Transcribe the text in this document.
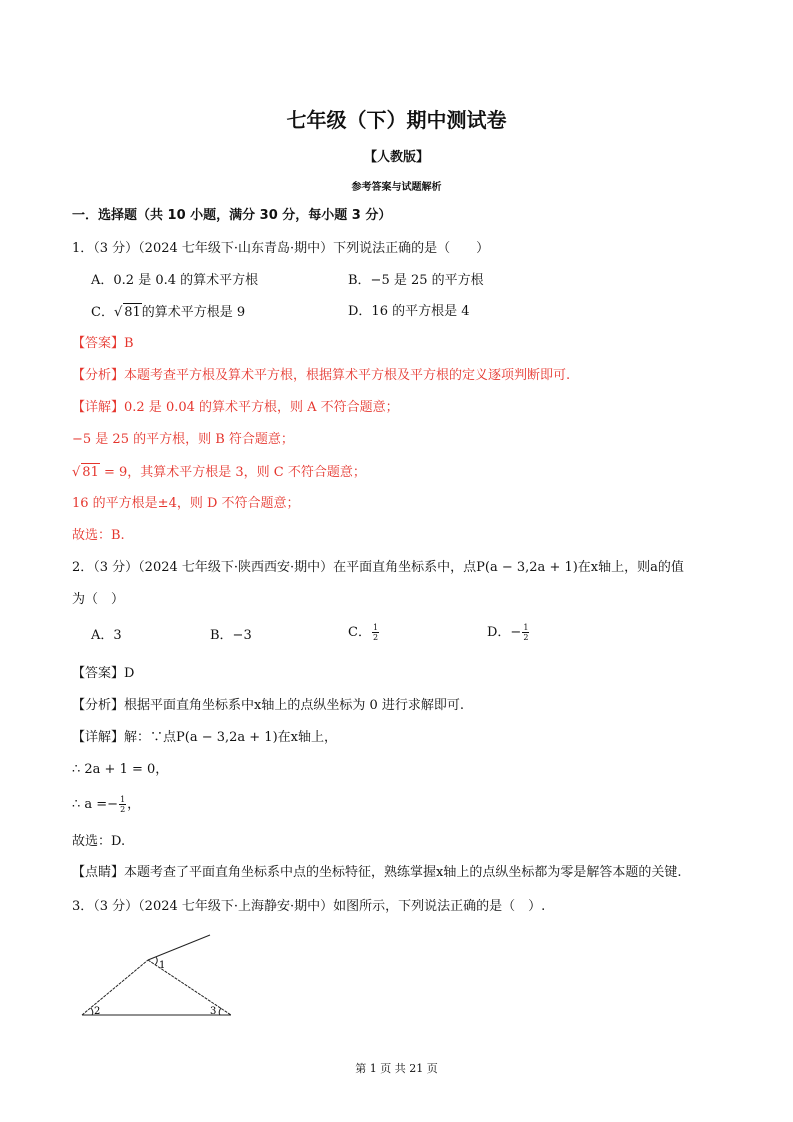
七年级（下）期中测试卷
【人教版】
参考答案与试题解析
一．选择题（共 10 小题，满分 30 分，每小题 3 分）
1．（3 分）（2024 七年级下·山东青岛·期中）下列说法正确的是（　　）
A．0.2 是 0.4 的算术平方根	B．−5 是 25 的平方根
C．√ 81的算术平方根是 9	D．16 的平方根是 4
【答案】B
【分析】本题考查平方根及算术平方根，根据算术平方根及平方根的定义逐项判断即可.
【详解】0.2 是 0.04 的算术平方根，则 A 不符合题意；
−5 是 25 的平方根，则 B 符合题意；
√ 81 = 9，其算术平方根是 3，则 C 不符合题意；
16 的平方根是±4，则 D 不符合题意；
故选：B.
2．（3 分）（2024 七年级下·陕西西安·期中）在平面直角坐标系中，点P(a − 3,2a + 1)在x轴上，则a的值
为（　）
A．3	B．−3	C． $\frac{1}{2}$	D．− $\frac{1}{2}$
【答案】D
【分析】根据平面直角坐标系中x轴上的点纵坐标为 0 进行求解即可.
【详解】解：∵点P(a − 3,2a + 1)在x轴上，
∴ 2a + 1 = 0，
∴ $a =- \frac{1}{2}$ ，
故选：D.
【点睛】本题考查了平面直角坐标系中点的坐标特征，熟练掌握x轴上的点纵坐标都为零是解答本题的关键.
3．（3 分）（2024 七年级下·上海静安·期中）如图所示，下列说法正确的是（　）.
1
2	3
第 1 页 共 21 页
